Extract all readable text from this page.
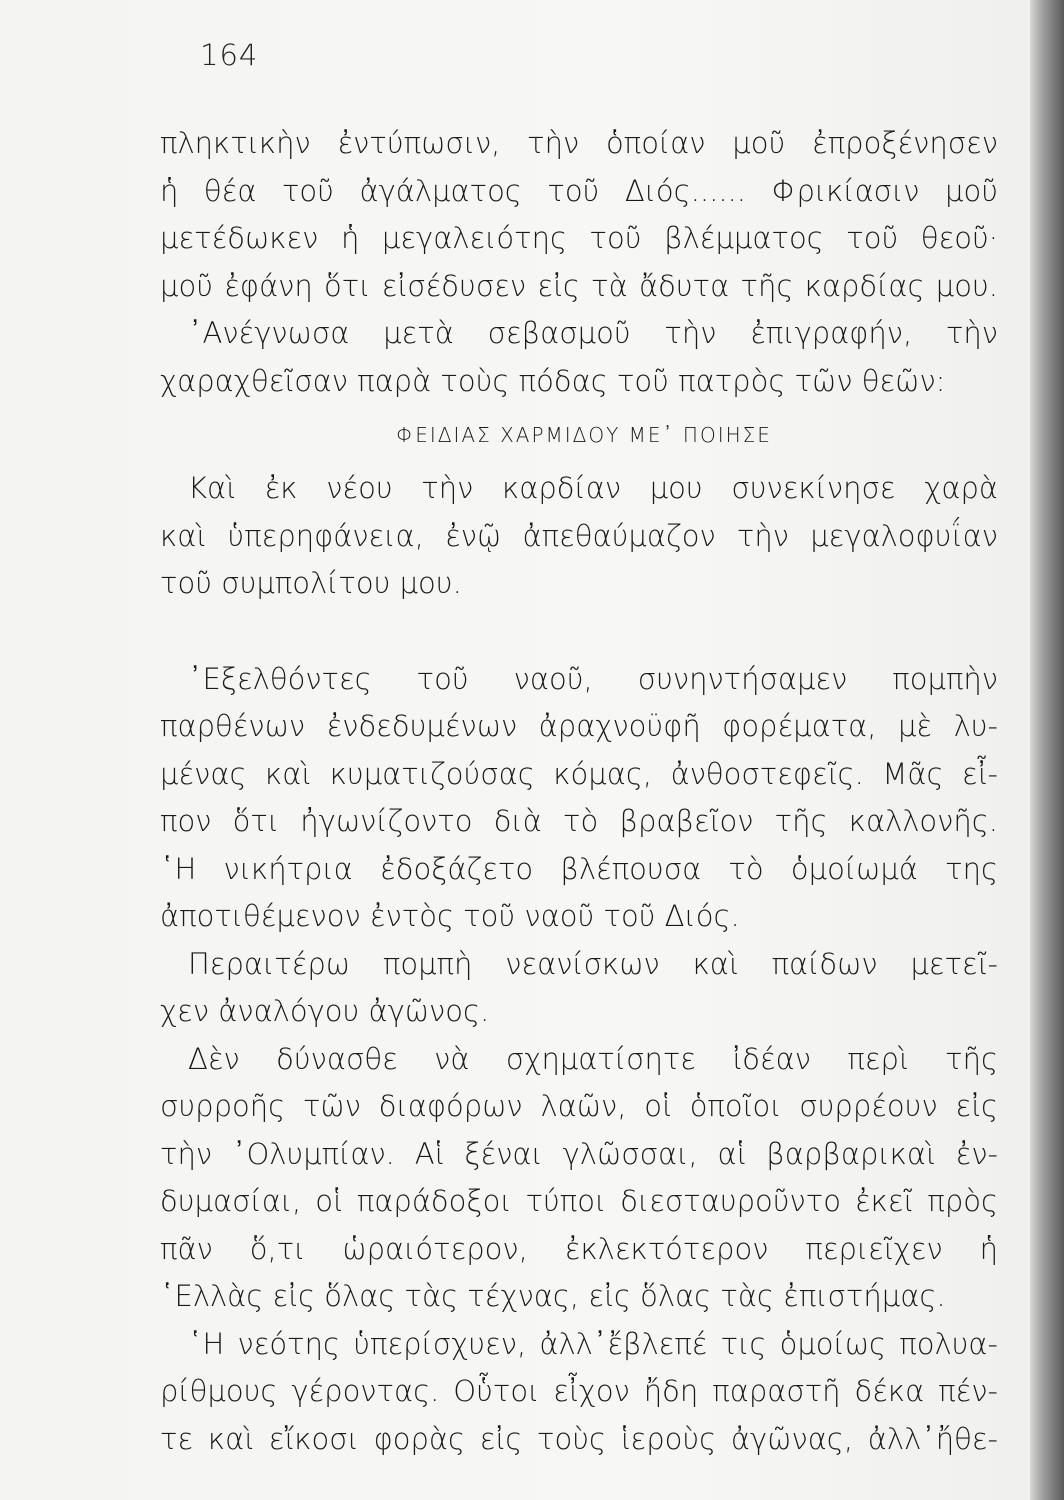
164
πληκτικὴν ἐντύπωσιν, τὴν ὁποίαν μοῦ ἐπροξένησεν
ἡ θέα τοῦ ἀγάλματος τοῦ Διός...... Φρικίασιν μοῦ
μετέδωκεν ἡ μεγαλειότης τοῦ βλέμματος τοῦ θεοῦ·
μοῦ ἐφάνη ὅτι εἰσέδυσεν εἰς τὰ ἄδυτα τῆς καρδίας μου.
᾿Ανέγνωσα μετὰ σεβασμοῦ τὴν ἐπιγραφήν, τὴν
χαραχθεῖσαν παρὰ τοὺς πόδας τοῦ πατρὸς τῶν θεῶν:
ΦΕΙΔΙΑΣ ΧΑΡΜΙΔΟΥ ΜΕ᾿ ΠΟΙΗΣΕ
Καὶ ἐκ νέου τὴν καρδίαν μου συνεκίνησε χαρὰ
καὶ ὑπερηφάνεια, ἐνῷ ἀπεθαύμαζον τὴν μεγαλοφυΐαν
τοῦ συμπολίτου μου.
᾿Εξελθόντες τοῦ ναοῦ, συνηντήσαμεν πομπὴν
παρθένων ἐνδεδυμένων ἀραχνοϋφῆ φορέματα, μὲ λυ-
μένας καὶ κυματιζούσας κόμας, ἀνθοστεφεῖς. Μᾶς εἶ-
πον ὅτι ἠγωνίζοντο διὰ τὸ βραβεῖον τῆς καλλονῆς.
῾Η νικήτρια ἐδοξάζετο βλέπουσα τὸ ὁμοίωμά της
ἀποτιθέμενον ἐντὸς τοῦ ναοῦ τοῦ Διός.
Περαιτέρω πομπὴ νεανίσκων καὶ παίδων μετεῖ-
χεν ἀναλόγου ἀγῶνος.
Δὲν δύνασθε νὰ σχηματίσητε ἰδέαν περὶ τῆς
συρροῆς τῶν διαφόρων λαῶν, οἱ ὁποῖοι συρρέουν εἰς
τὴν ᾿Ολυμπίαν. Αἱ ξέναι γλῶσσαι, αἱ βαρβαρικαὶ ἐν-
δυμασίαι, οἱ παράδοξοι τύποι διεσταυροῦντο ἐκεῖ πρὸς
πᾶν ὅ,τι ὡραιότερον, ἐκλεκτότερον περιεῖχεν ἡ
῾Ελλὰς εἰς ὅλας τὰς τέχνας, εἰς ὅλας τὰς ἐπιστήμας.
῾Η νεότης ὑπερίσχυεν, ἀλλ᾿ἔβλεπέ τις ὁμοίως πολυα-
ρίθμους γέροντας. Οὗτοι εἶχον ἤδη παραστῆ δέκα πέν-
τε καὶ εἴκοσι φορὰς εἰς τοὺς ἱεροὺς ἀγῶνας, ἀλλ᾿ἤθε-
